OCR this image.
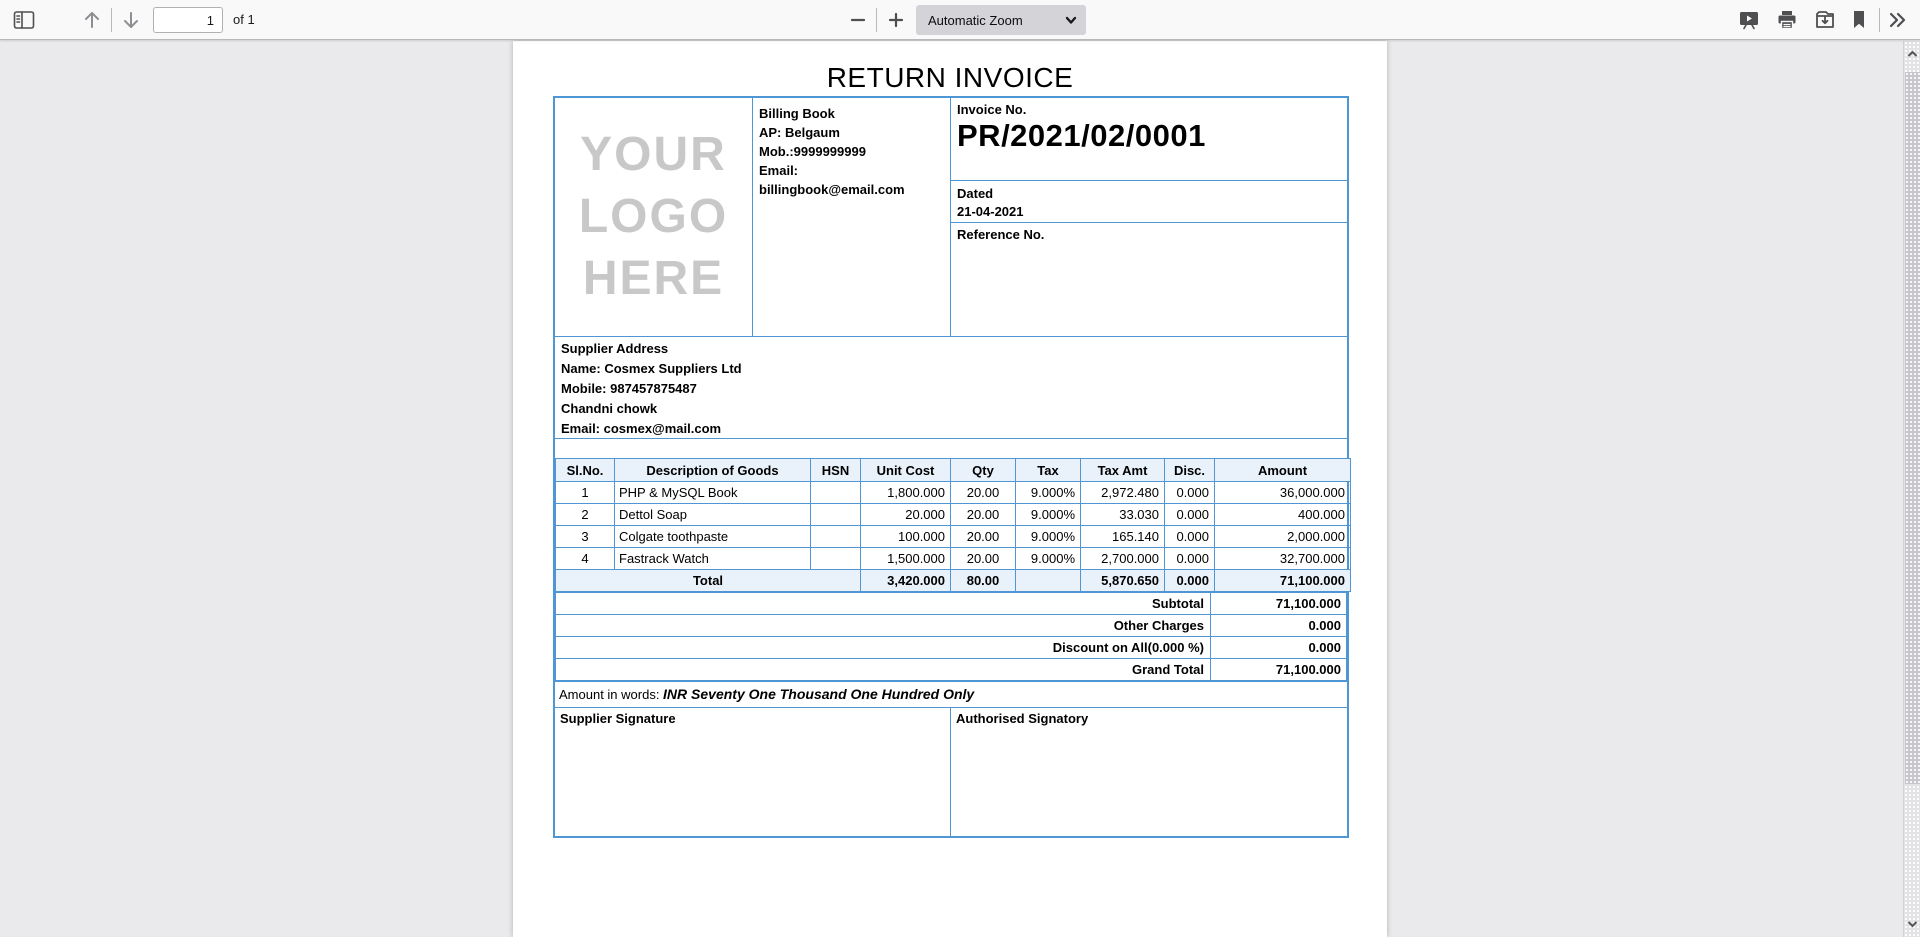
1
of 1	Automatic Zoom
RETURN INVOICE
YOUR
LOGO
HERE
Billing Book
AP: Belgaum
Mob.:9999999999
Email:
billingbook@email.com
Invoice No.
PR/2021/02/0001
Dated
21-04-2021
Reference No.
Supplier Address
Name: Cosmex Suppliers Ltd
Mobile: 987457875487
Chandni chowk
Email: cosmex@mail.com
Sl.No.	Description of Goods	HSN	Unit Cost	Qty	Tax	Tax Amt	Disc.	Amount
1	PHP & MySQL Book		1,800.000	20.00	9.000%	2,972.480	0.000	36,000.000
2	Dettol Soap		20.000	20.00	9.000%	33.030	0.000	400.000
3	Colgate toothpaste		100.000	20.00	9.000%	165.140	0.000	2,000.000
4	Fastrack Watch		1,500.000	20.00	9.000%	2,700.000	0.000	32,700.000
Total			3,420.000	80.00		5,870.650	0.000	71,100.000
Subtotal	71,100.000
Other Charges	0.000
Discount on All(0.000 %)	0.000
Grand Total	71,100.000
Amount in words: INR Seventy One Thousand One Hundred Only
Supplier Signature	Authorised Signatory
